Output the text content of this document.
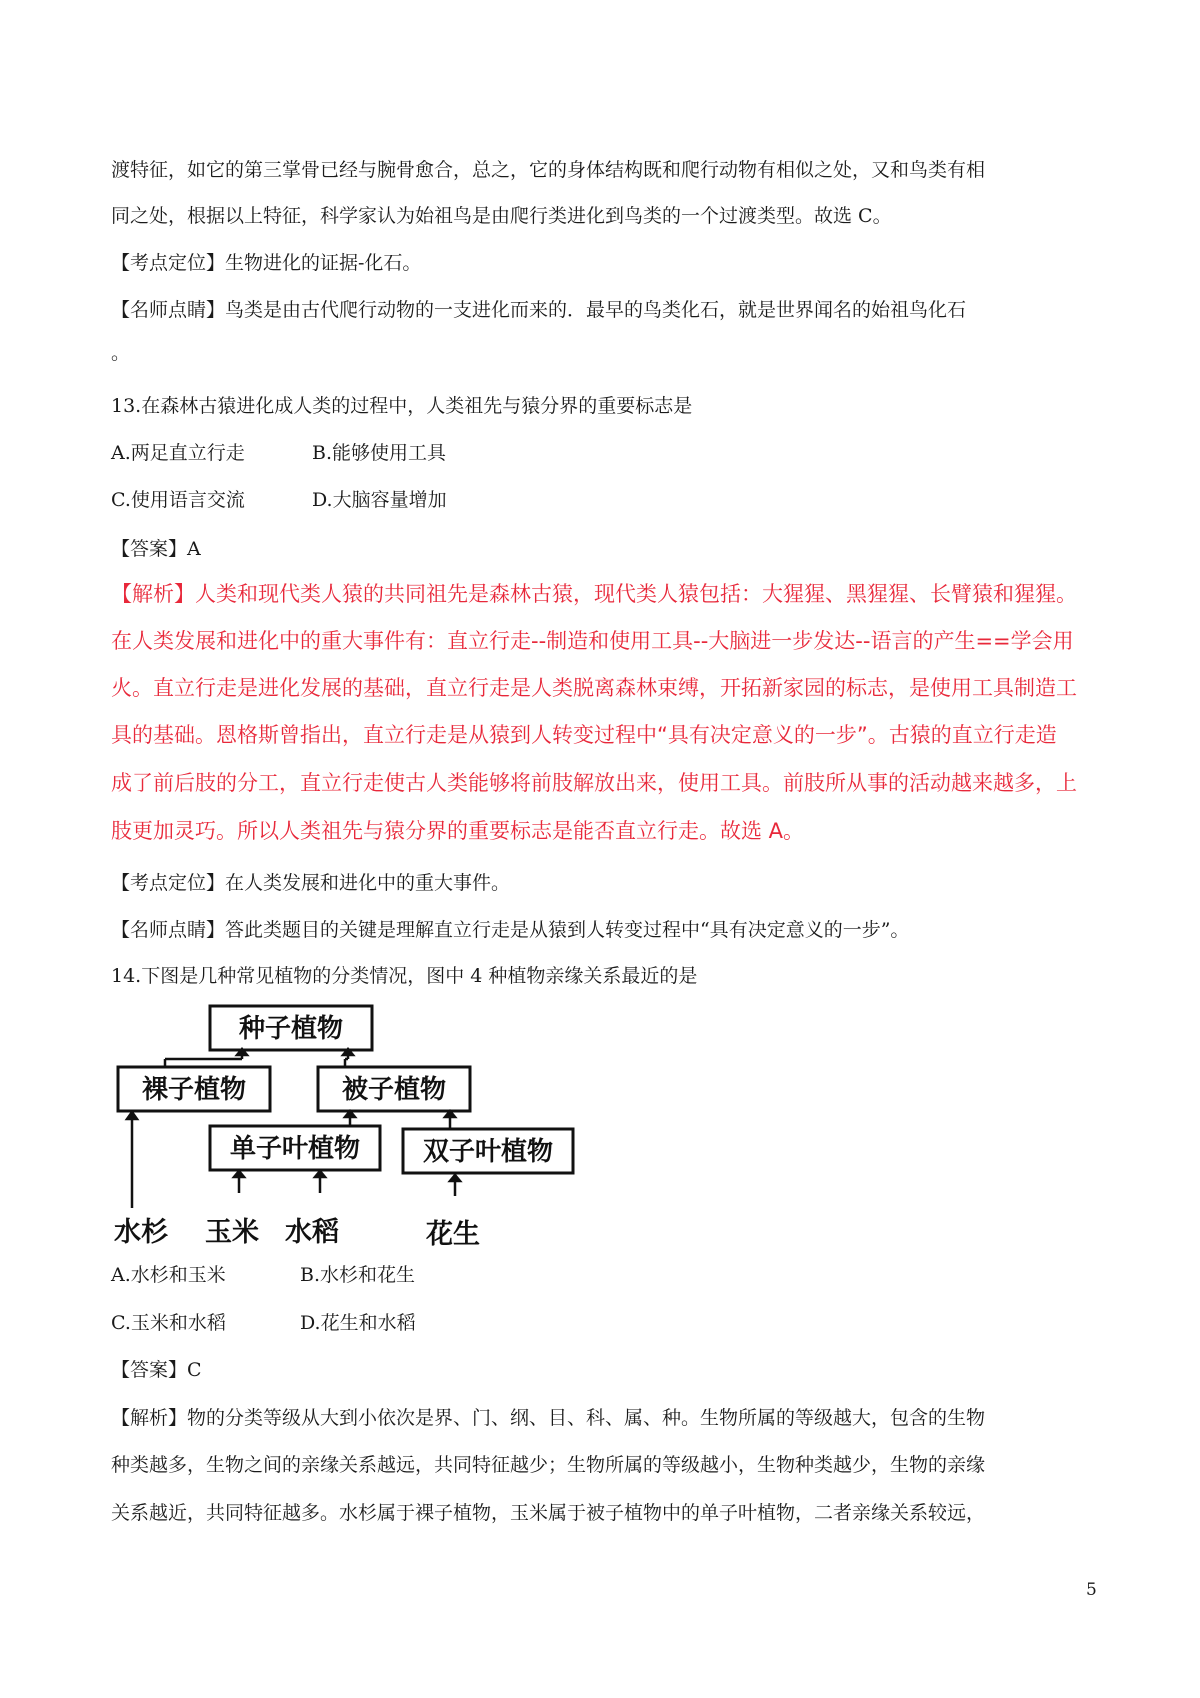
渡特征，如它的第三掌骨已经与腕骨愈合，总之，它的身体结构既和爬行动物有相似之处，又和鸟类有相
同之处，根据以上特征，科学家认为始祖鸟是由爬行类进化到鸟类的一个过渡类型。故选 C。
【考点定位】生物进化的证据-化石。
【名师点睛】鸟类是由古代爬行动物的一支进化而来的．最早的鸟类化石，就是世界闻名的始祖鸟化石
。
13.在森林古猿进化成人类的过程中，人类祖先与猿分界的重要标志是
A.两足直立行走	B.能够使用工具
C.使用语言交流	D.大脑容量增加
【答案】A
【解析】人类和现代类人猿的共同祖先是森林古猿，现代类人猿包括：大猩猩、黑猩猩、长臂猿和猩猩。
在人类发展和进化中的重大事件有：直立行走--制造和使用工具--大脑进一步发达--语言的产生==学会用
火。直立行走是进化发展的基础，直立行走是人类脱离森林束缚，开拓新家园的标志，是使用工具制造工
具的基础。恩格斯曾指出，直立行走是从猿到人转变过程中“具有决定意义的一步”。古猿的直立行走造
成了前后肢的分工，直立行走使古人类能够将前肢解放出来，使用工具。前肢所从事的活动越来越多，上
肢更加灵巧。所以人类祖先与猿分界的重要标志是能否直立行走。故选 A。
【考点定位】在人类发展和进化中的重大事件。
【名师点睛】答此类题目的关键是理解直立行走是从猿到人转变过程中“具有决定意义的一步”。
14.下图是几种常见植物的分类情况，图中 4 种植物亲缘关系最近的是
种子植物
裸子植物	被子植物
单子叶植物 双子叶植物
水杉 玉米 水稻	花生
A.水杉和玉米	B.水杉和花生
C.玉米和水稻	D.花生和水稻
【答案】C
【解析】物的分类等级从大到小依次是界、门、纲、目、科、属、种。生物所属的等级越大，包含的生物
种类越多，生物之间的亲缘关系越远，共同特征越少；生物所属的等级越小，生物种类越少，生物的亲缘
关系越近，共同特征越多。水杉属于裸子植物，玉米属于被子植物中的单子叶植物，二者亲缘关系较远，
5
